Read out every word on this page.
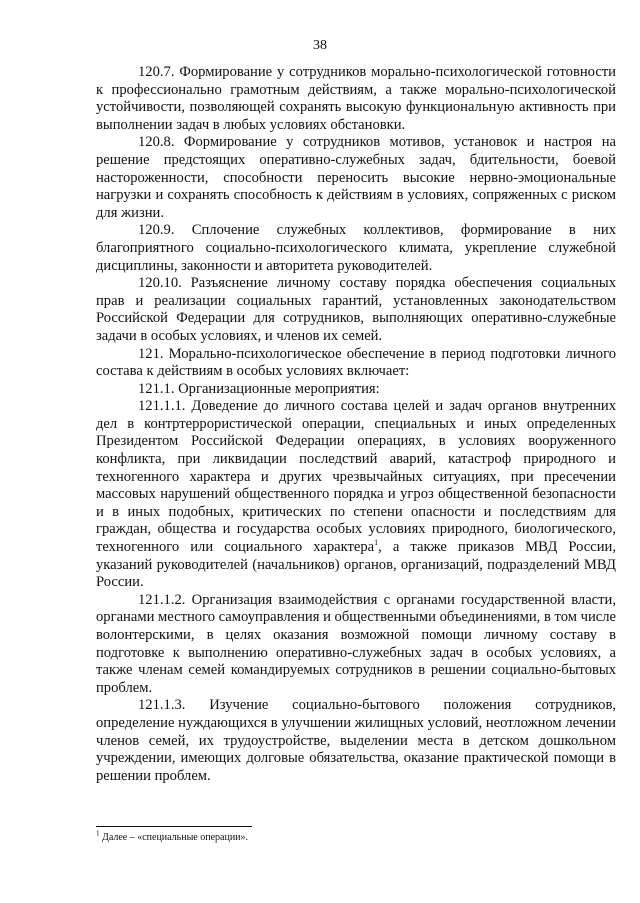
38

120.7. Формирование у сотрудников морально-психологической готовности к профессионально грамотным действиям, а также морально-психологической устойчивости, позволяющей сохранять высокую функциональную активность при выполнении задач в любых условиях обстановки.

120.8. Формирование у сотрудников мотивов, установок и настроя на решение предстоящих оперативно-служебных задач, бдительности, боевой настороженности, способности переносить высокие нервно-эмоциональные нагрузки и сохранять способность к действиям в условиях, сопряженных с риском для жизни.

120.9. Сплочение служебных коллективов, формирование в них благоприятного социально-психологического климата, укрепление служебной дисциплины, законности и авторитета руководителей.

120.10. Разъяснение личному составу порядка обеспечения социальных прав и реализации социальных гарантий, установленных законодательством Российской Федерации для сотрудников, выполняющих оперативно-служебные задачи в особых условиях, и членов их семей.

121. Морально-психологическое обеспечение в период подготовки личного состава к действиям в особых условиях включает:

121.1. Организационные мероприятия:

121.1.1. Доведение до личного состава целей и задач органов внутренних дел в контртеррористической операции, специальных и иных определенных Президентом Российской Федерации операциях, в условиях вооруженного конфликта, при ликвидации последствий аварий, катастроф природного и техногенного характера и других чрезвычайных ситуациях, при пресечении массовых нарушений общественного порядка и угроз общественной безопасности и в иных подобных, критических по степени опасности и последствиям для граждан, общества и государства особых условиях природного, биологического, техногенного или социального характера$^1$, а также приказов МВД России, указаний руководителей (начальников) органов, организаций, подразделений МВД России.

121.1.2. Организация взаимодействия с органами государственной власти, органами местного самоуправления и общественными объединениями, в том числе волонтерскими, в целях оказания возможной помощи личному составу в подготовке к выполнению оперативно-служебных задач в особых условиях, а также членам семей командируемых сотрудников в решении социально-бытовых проблем.

121.1.3. Изучение социально-бытового положения сотрудников, определение нуждающихся в улучшении жилищных условий, неотложном лечении членов семей, их трудоустройстве, выделении места в детском дошкольном учреждении, имеющих долговые обязательства, оказание практической помощи в решении проблем.

$^1$ Далее – «специальные операции».
